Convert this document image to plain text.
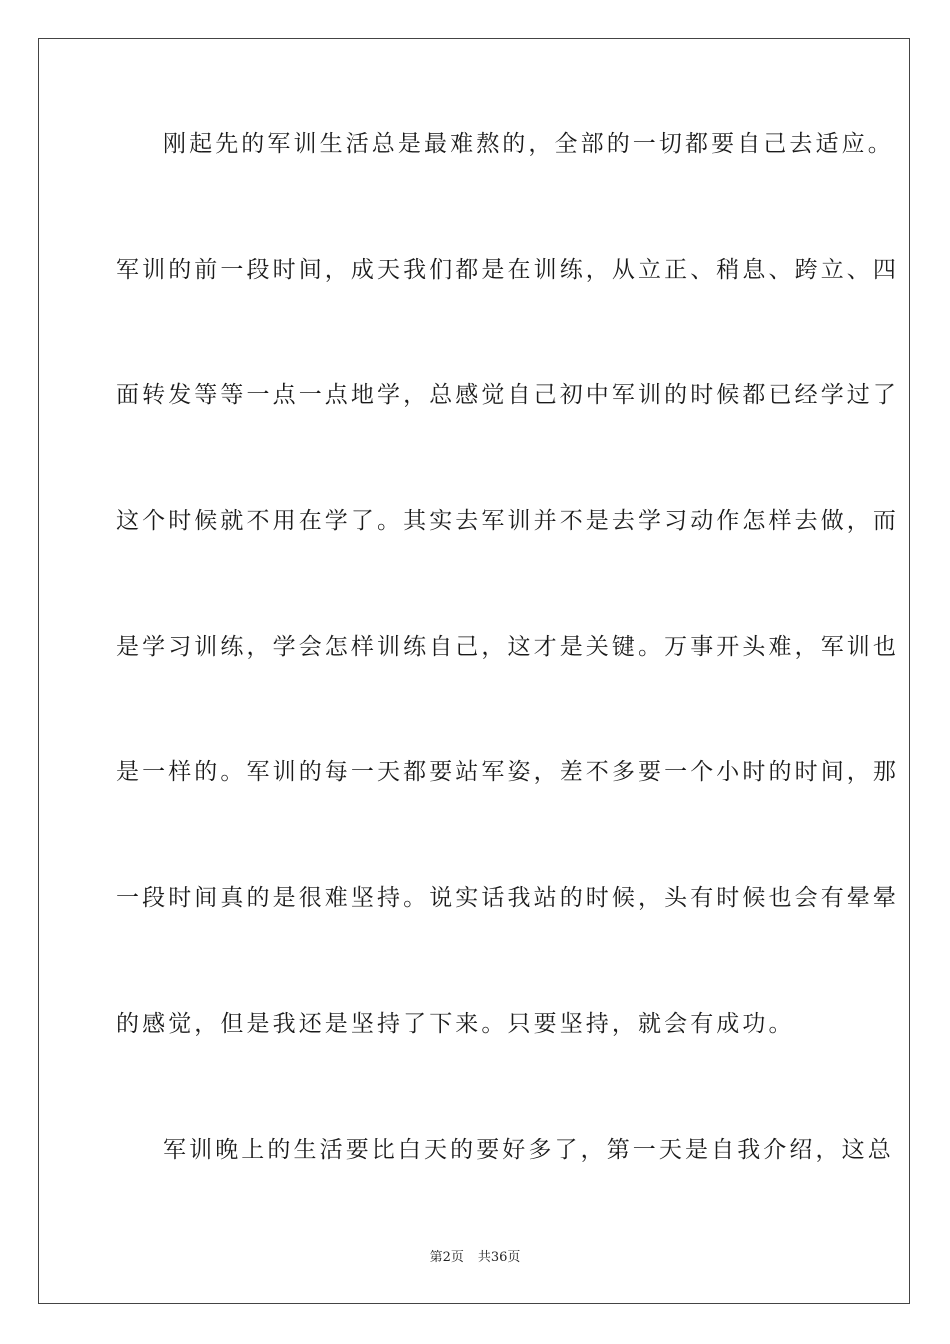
刚起先的军训生活总是最难熬的，全部的一切都要自己去适应。
军训的前一段时间，成天我们都是在训练，从立正、稍息、跨立、四
面转发等等一点一点地学，总感觉自己初中军训的时候都已经学过了
这个时候就不用在学了。其实去军训并不是去学习动作怎样去做，而
是学习训练，学会怎样训练自己，这才是关键。万事开头难，军训也
是一样的。军训的每一天都要站军姿，差不多要一个小时的时间，那
一段时间真的是很难坚持。说实话我站的时候，头有时候也会有晕晕
的感觉，但是我还是坚持了下来。只要坚持，就会有成功。
军训晚上的生活要比白天的要好多了，第一天是自我介绍，这总
第2页 共36页
